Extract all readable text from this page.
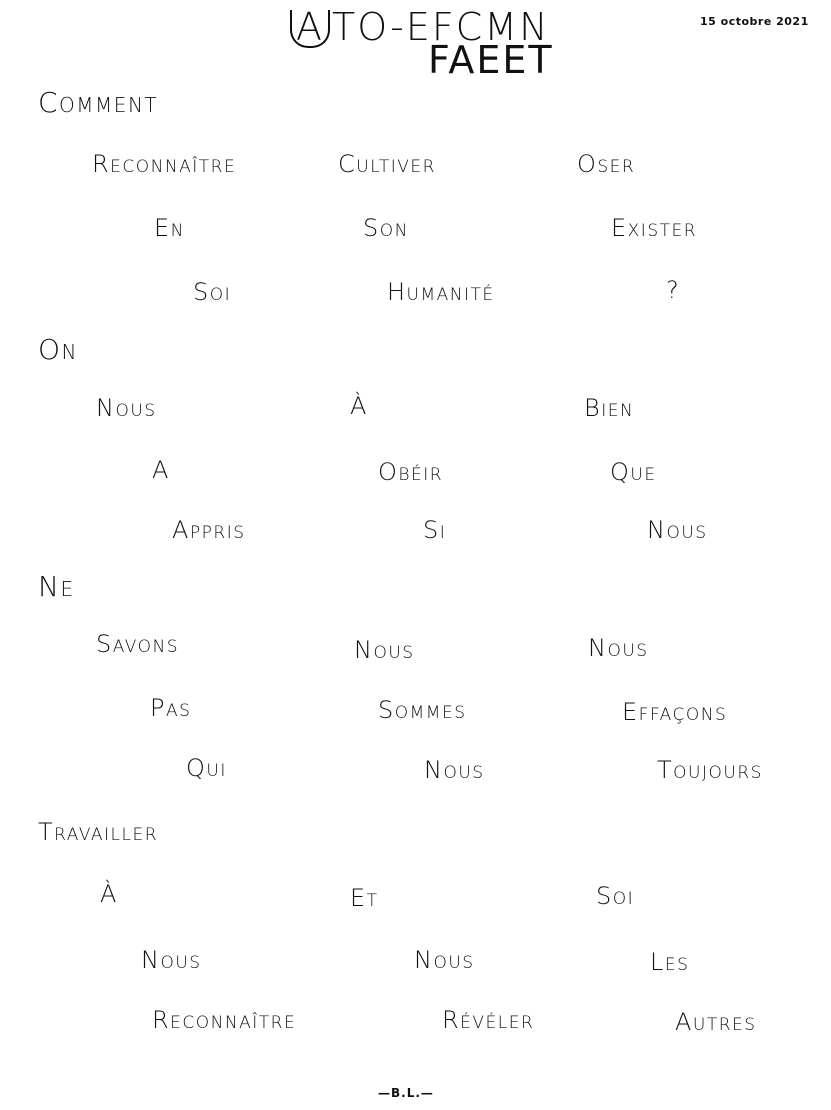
A TO-EFCMN
FAEET
15 octobre 2021
Comment
Reconnaître	Cultiver	Oser
En	Son	Exister
Soi	Humanité	?
On
Nous	À	Bien
A	Obéir	Que
Appris	Si	Nous
Ne
Savons	Nous	Nous
Pas	Sommes	Effaçons
Qui	Nous	Toujours
Travailler
À	Et	Soi
Nous	Nous	Les
Reconnaître	Révéler	Autres
—B.L.—
